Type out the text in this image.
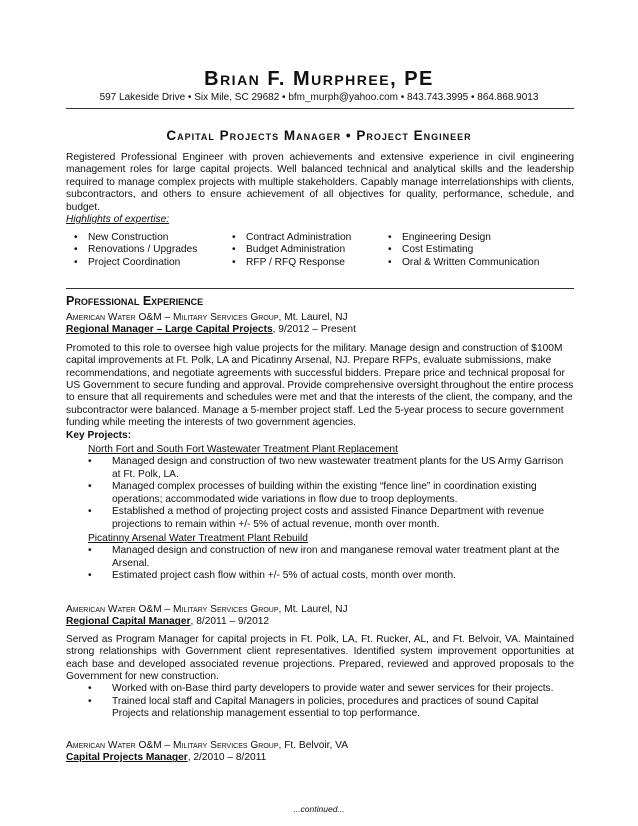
Brian F. Murphree, PE
597 Lakeside Drive • Six Mile, SC 29682 • bfm_murph@yahoo.com • 843.743.3995 • 864.868.9013
Capital Projects Manager • Project Engineer
Registered Professional Engineer with proven achievements and extensive experience in civil engineering management roles for large capital projects. Well balanced technical and analytical skills and the leadership required to manage complex projects with multiple stakeholders. Capably manage interrelationships with clients, subcontractors, and others to ensure achievement of all objectives for quality, performance, schedule, and budget.
Highlights of expertise:
• New Construction
• Renovations / Upgrades
• Project Coordination
• Contract Administration
• Budget Administration
• RFP / RFQ Response
• Engineering Design
• Cost Estimating
• Oral & Written Communication
Professional Experience
American Water O&M – Military Services Group, Mt. Laurel, NJ
Regional Manager – Large Capital Projects, 9/2012 – Present
Promoted to this role to oversee high value projects for the military. Manage design and construction of $100M capital improvements at Ft. Polk, LA and Picatinny Arsenal, NJ. Prepare RFPs, evaluate submissions, make recommendations, and negotiate agreements with successful bidders. Prepare price and technical proposal for US Government to secure funding and approval. Provide comprehensive oversight throughout the entire process to ensure that all requirements and schedules were met and that the interests of the client, the company, and the subcontractor were balanced. Manage a 5-member project staff. Led the 5-year process to secure government funding while meeting the interests of two government agencies.
Key Projects:
North Fort and South Fort Wastewater Treatment Plant Replacement
• Managed design and construction of two new wastewater treatment plants for the US Army Garrison at Ft. Polk, LA.
• Managed complex processes of building within the existing “fence line” in coordination existing operations; accommodated wide variations in flow due to troop deployments.
• Established a method of projecting project costs and assisted Finance Department with revenue projections to remain within +/- 5% of actual revenue, month over month.
Picatinny Arsenal Water Treatment Plant Rebuild
• Managed design and construction of new iron and manganese removal water treatment plant at the Arsenal.
• Estimated project cash flow within +/- 5% of actual costs, month over month.
American Water O&M – Military Services Group, Mt. Laurel, NJ
Regional Capital Manager, 8/2011 – 9/2012
Served as Program Manager for capital projects in Ft. Polk, LA, Ft. Rucker, AL, and Ft. Belvoir, VA. Maintained strong relationships with Government client representatives. Identified system improvement opportunities at each base and developed associated revenue projections. Prepared, reviewed and approved proposals to the Government for new construction.
• Worked with on-Base third party developers to provide water and sewer services for their projects.
• Trained local staff and Capital Managers in policies, procedures and practices of sound Capital Projects and relationship management essential to top performance.
American Water O&M – Military Services Group, Ft. Belvoir, VA
Capital Projects Manager, 2/2010 – 8/2011
...continued...
